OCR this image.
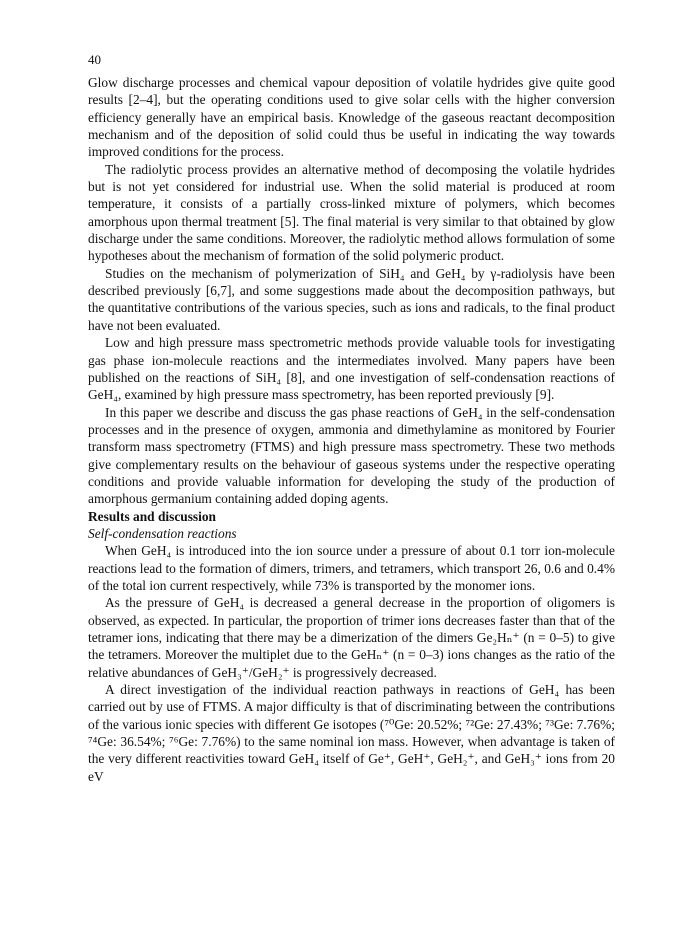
40

Glow discharge processes and chemical vapour deposition of volatile hydrides give quite good results [2–4], but the operating conditions used to give solar cells with the higher conversion efficiency generally have an empirical basis. Knowledge of the gaseous reactant decomposition mechanism and of the deposition of solid could thus be useful in indicating the way towards improved conditions for the process.

The radiolytic process provides an alternative method of decomposing the volatile hydrides but is not yet considered for industrial use. When the solid material is produced at room temperature, it consists of a partially cross-linked mixture of polymers, which becomes amorphous upon thermal treatment [5]. The final material is very similar to that obtained by glow discharge under the same conditions. Moreover, the radiolytic method allows formulation of some hypotheses about the mechanism of formation of the solid polymeric product.

Studies on the mechanism of polymerization of SiH₄ and GeH₄ by γ-radiolysis have been described previously [6,7], and some suggestions made about the decomposition pathways, but the quantitative contributions of the various species, such as ions and radicals, to the final product have not been evaluated.

Low and high pressure mass spectrometric methods provide valuable tools for investigating gas phase ion-molecule reactions and the intermediates involved. Many papers have been published on the reactions of SiH₄ [8], and one investigation of self-condensation reactions of GeH₄, examined by high pressure mass spectrometry, has been reported previously [9].

In this paper we describe and discuss the gas phase reactions of GeH₄ in the self-condensation processes and in the presence of oxygen, ammonia and dimethylamine as monitored by Fourier transform mass spectrometry (FTMS) and high pressure mass spectrometry. These two methods give complementary results on the behaviour of gaseous systems under the respective operating conditions and provide valuable information for developing the study of the production of amorphous germanium containing added doping agents.

Results and discussion

Self-condensation reactions

When GeH₄ is introduced into the ion source under a pressure of about 0.1 torr ion-molecule reactions lead to the formation of dimers, trimers, and tetramers, which transport 26, 0.6 and 0.4% of the total ion current respectively, while 73% is transported by the monomer ions.

As the pressure of GeH₄ is decreased a general decrease in the proportion of oligomers is observed, as expected. In particular, the proportion of trimer ions decreases faster than that of the tetramer ions, indicating that there may be a dimerization of the dimers Ge₂Hₙ⁺ (n = 0–5) to give the tetramers. Moreover the multiplet due to the GeHₙ⁺ (n = 0–3) ions changes as the ratio of the relative abundances of GeH₃⁺/GeH₂⁺ is progressively decreased.

A direct investigation of the individual reaction pathways in reactions of GeH₄ has been carried out by use of FTMS. A major difficulty is that of discriminating between the contributions of the various ionic species with different Ge isotopes (⁷⁰Ge: 20.52%; ⁷²Ge: 27.43%; ⁷³Ge: 7.76%; ⁷⁴Ge: 36.54%; ⁷⁶Ge: 7.76%) to the same nominal ion mass. However, when advantage is taken of the very different reactivities toward GeH₄ itself of Ge⁺, GeH⁺, GeH₂⁺, and GeH₃⁺ ions from 20 eV
